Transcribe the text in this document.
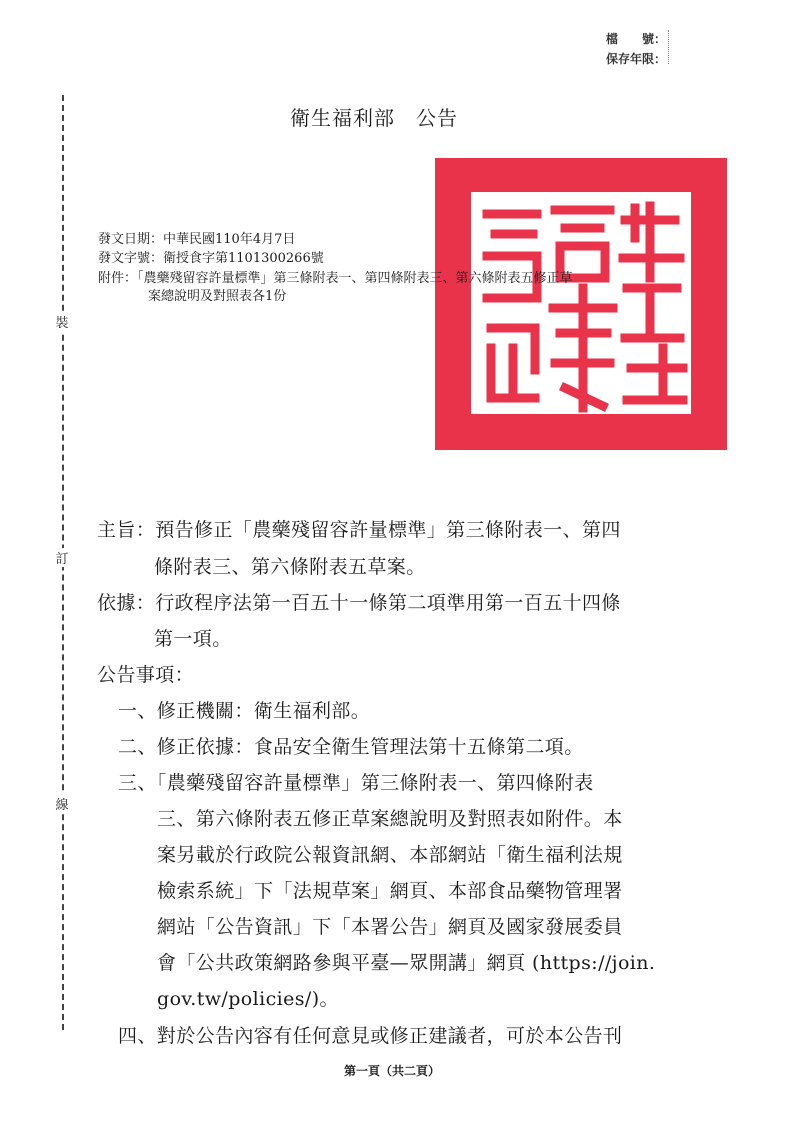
檔　　號：
保存年限：
裝
訂
線
衛生福利部　公告
發文日期：中華民國110年4月7日
發文字號：衛授食字第1101300266號
附件：「農藥殘留容許量標準」第三條附表一、第四條附表三、第六條附表五修正草
案總說明及對照表各1份
主旨：預告修正「農藥殘留容許量標準」第三條附表一、第四
條附表三、第六條附表五草案。
依據：行政程序法第一百五十一條第二項準用第一百五十四條
第一項。
公告事項：
一、修正機關：衛生福利部。
二、修正依據：食品安全衛生管理法第十五條第二項。
三、「農藥殘留容許量標準」第三條附表一、第四條附表
三、第六條附表五修正草案總說明及對照表如附件。本
案另載於行政院公報資訊網、本部網站「衛生福利法規
檢索系統」下「法規草案」網頁、本部食品藥物管理署
網站「公告資訊」下「本署公告」網頁及國家發展委員
會「公共政策網路參與平臺—眾開講」網頁 (https://join.
gov.tw/policies/)。
四、對於公告內容有任何意見或修正建議者，可於本公告刊
第一頁（共二頁）
